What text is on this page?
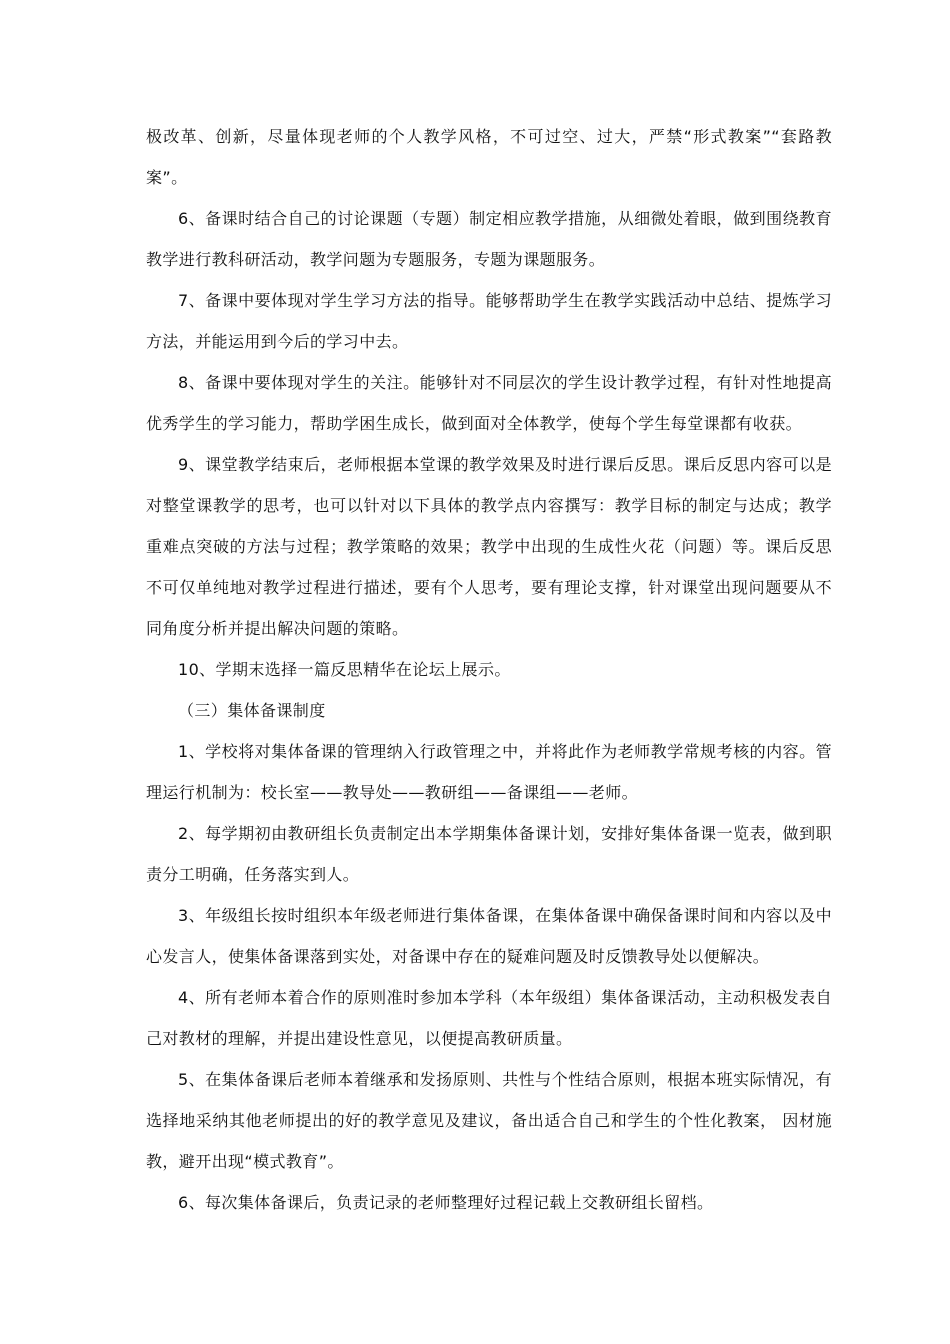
极改革、创新，尽量体现老师的个人教学风格，不可过空、过大，严禁“形式教案”“套路教案”。

6、备课时结合自己的讨论课题（专题）制定相应教学措施，从细微处着眼，做到围绕教育教学进行教科研活动，教学问题为专题服务，专题为课题服务。

7、备课中要体现对学生学习方法的指导。能够帮助学生在教学实践活动中总结、提炼学习方法，并能运用到今后的学习中去。

8、备课中要体现对学生的关注。能够针对不同层次的学生设计教学过程，有针对性地提高优秀学生的学习能力，帮助学困生成长，做到面对全体教学，使每个学生每堂课都有收获。

9、课堂教学结束后，老师根据本堂课的教学效果及时进行课后反思。课后反思内容可以是对整堂课教学的思考，也可以针对以下具体的教学点内容撰写：教学目标的制定与达成；教学重难点突破的方法与过程；教学策略的效果；教学中出现的生成性火花（问题）等。课后反思不可仅单纯地对教学过程进行描述，要有个人思考，要有理论支撑，针对课堂出现问题要从不同角度分析并提出解决问题的策略。

10、学期末选择一篇反思精华在论坛上展示。

（三）集体备课制度

1、学校将对集体备课的管理纳入行政管理之中，并将此作为老师教学常规考核的内容。管理运行机制为：校长室——教导处——教研组——备课组——老师。

2、每学期初由教研组长负责制定出本学期集体备课计划，安排好集体备课一览表，做到职责分工明确，任务落实到人。

3、年级组长按时组织本年级老师进行集体备课，在集体备课中确保备课时间和内容以及中心发言人，使集体备课落到实处，对备课中存在的疑难问题及时反馈教导处以便解决。

4、所有老师本着合作的原则准时参加本学科（本年级组）集体备课活动，主动积极发表自己对教材的理解，并提出建设性意见，以便提高教研质量。

5、在集体备课后老师本着继承和发扬原则、共性与个性结合原则，根据本班实际情况，有选择地采纳其他老师提出的好的教学意见及建议，备出适合自己和学生的个性化教案， 因材施教，避开出现“模式教育”。

6、每次集体备课后，负责记录的老师整理好过程记载上交教研组长留档。
